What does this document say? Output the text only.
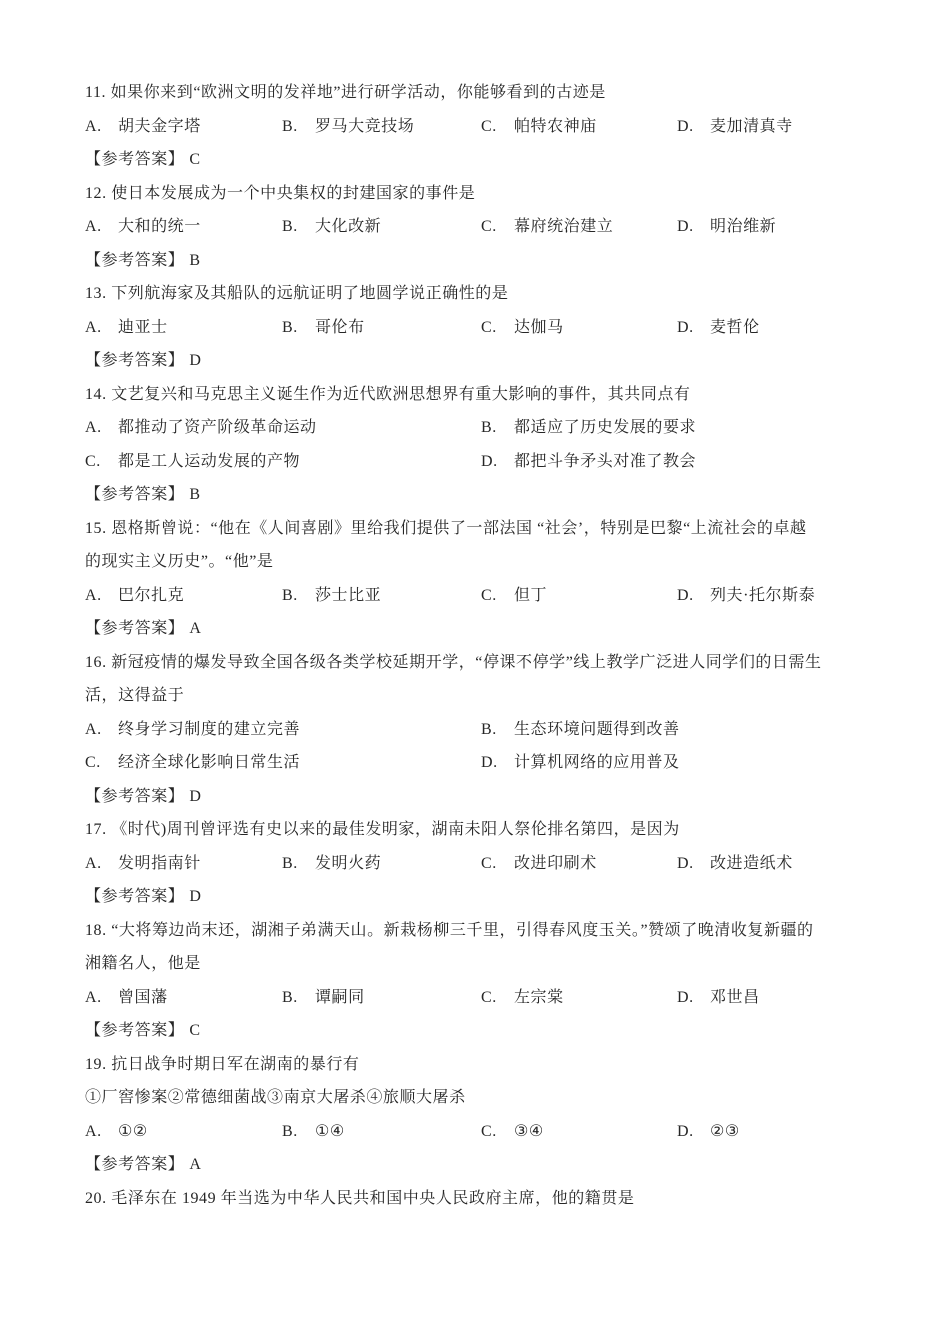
11. 如果你来到“欧洲文明的发祥地”进行研学活动，你能够看到的古迹是
A. 胡夫金字塔	B. 罗马大竞技场	C. 帕特农神庙	D. 麦加清真寺
【参考答案】 C
12. 使日本发展成为一个中央集权的封建国家的事件是
A. 大和的统一	B. 大化改新	C. 幕府统治建立	D. 明治维新
【参考答案】 B
13. 下列航海家及其船队的远航证明了地圆学说正确性的是
A. 迪亚士	B. 哥伦布	C. 达伽马	D. 麦哲伦
【参考答案】 D
14. 文艺复兴和马克思主义诞生作为近代欧洲思想界有重大影响的事件，其共同点有
A. 都推动了资产阶级革命运动	B. 都适应了历史发展的要求
C. 都是工人运动发展的产物	D. 都把斗争矛头对准了教会
【参考答案】 B
15. 恩格斯曾说：“他在《人间喜剧》里给我们提供了一部法国 “社会’，特别是巴黎“上流社会的卓越
的现实主义历史”。“他”是
A. 巴尔扎克	B. 莎士比亚	C. 但丁	D. 列夫·托尔斯泰
【参考答案】 A
16. 新冠疫情的爆发导致全国各级各类学校延期开学，“停课不停学”线上教学广泛进人同学们的日需生
活，这得益于
A. 终身学习制度的建立完善	B. 生态环境问题得到改善
C. 经济全球化影响日常生活	D. 计算机网络的应用普及
【参考答案】 D
17. 《时代)周刊曾评选有史以来的最佳发明家，湖南未阳人祭伦排名第四，是因为
A. 发明指南针	B. 发明火药	C. 改进印刷术	D. 改进造纸术
【参考答案】 D
18. “大将筹边尚末还，湖湘子弟满天山。新栽杨柳三千里，引得春风度玉关。”赞颂了晚清收复新疆的
湘籍名人，他是
A. 曾国藩	B. 谭嗣同	C. 左宗棠	D. 邓世昌
【参考答案】 C
19. 抗日战争时期日军在湖南的暴行有
①厂窖惨案②常德细菌战③南京大屠杀④旅顺大屠杀
A. ①②	B. ①④	C. ③④	D. ②③
【参考答案】 A
20. 毛泽东在 1949 年当选为中华人民共和国中央人民政府主席，他的籍贯是
